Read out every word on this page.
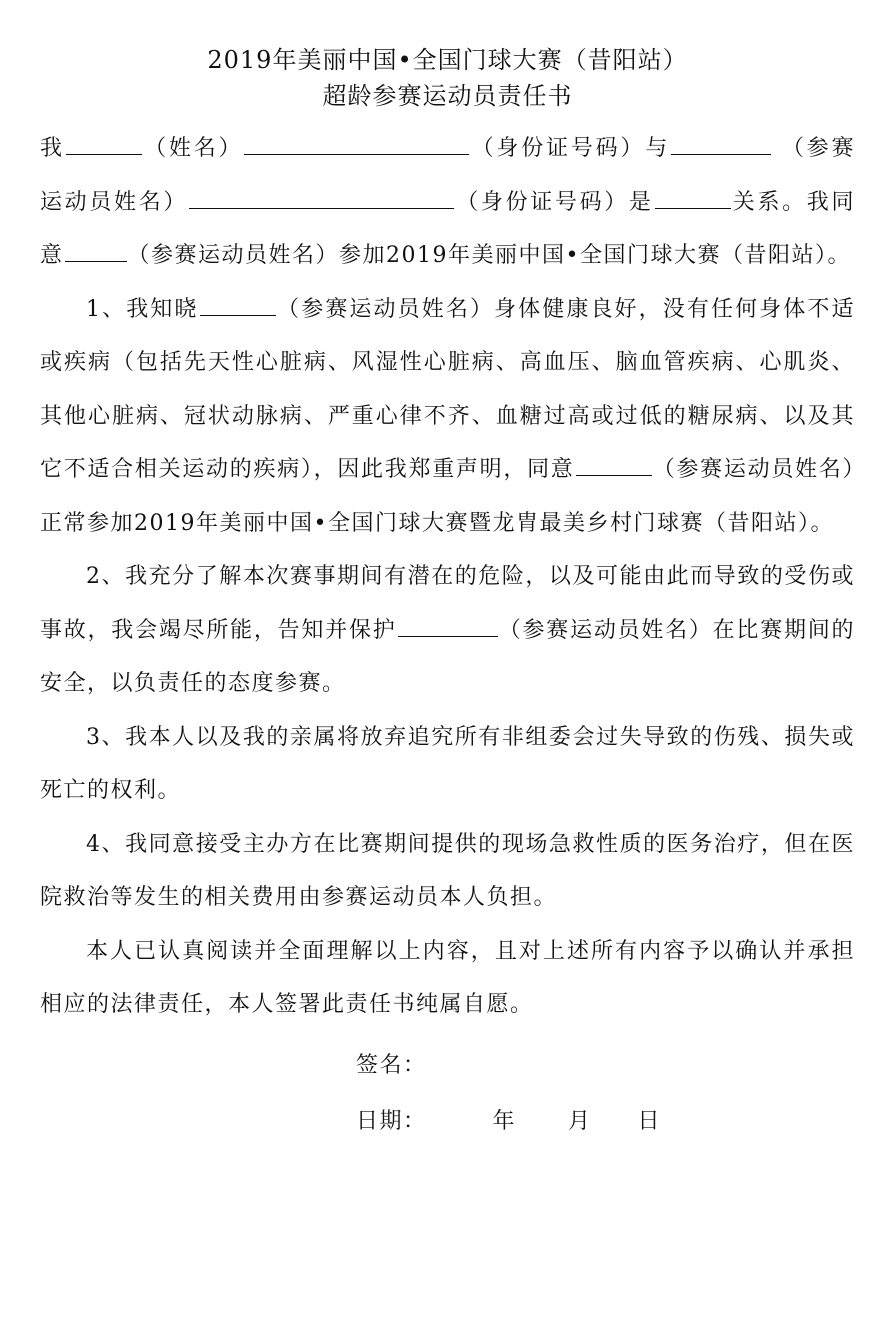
2019年美丽中国•全国门球大赛（昔阳站）
超龄参赛运动员责任书

我	（姓名）	（身份证号码）与	（参赛运动员姓名）	（身份证号码）是	关系。我同意	（参赛运动员姓名）参加2019年美丽中国•全国门球大赛（昔阳站）。

1、我知晓	（参赛运动员姓名）身体健康良好，没有任何身体不适或疾病（包括先天性心脏病、风湿性心脏病、高血压、脑血管疾病、心肌炎、其他心脏病、冠状动脉病、严重心律不齐、血糖过高或过低的糖尿病、以及其它不适合相关运动的疾病），因此我郑重声明，同意	（参赛运动员姓名）正常参加2019年美丽中国•全国门球大赛暨龙胄最美乡村门球赛（昔阳站）。

2、我充分了解本次赛事期间有潜在的危险，以及可能由此而导致的受伤或事故，我会竭尽所能，告知并保护	（参赛运动员姓名）在比赛期间的安全，以负责任的态度参赛。

3、我本人以及我的亲属将放弃追究所有非组委会过失导致的伤残、损失或死亡的权利。

4、我同意接受主办方在比赛期间提供的现场急救性质的医务治疗，但在医院救治等发生的相关费用由参赛运动员本人负担。

本人已认真阅读并全面理解以上内容，且对上述所有内容予以确认并承担相应的法律责任，本人签署此责任书纯属自愿。

签名：
日期：	年 月 日
